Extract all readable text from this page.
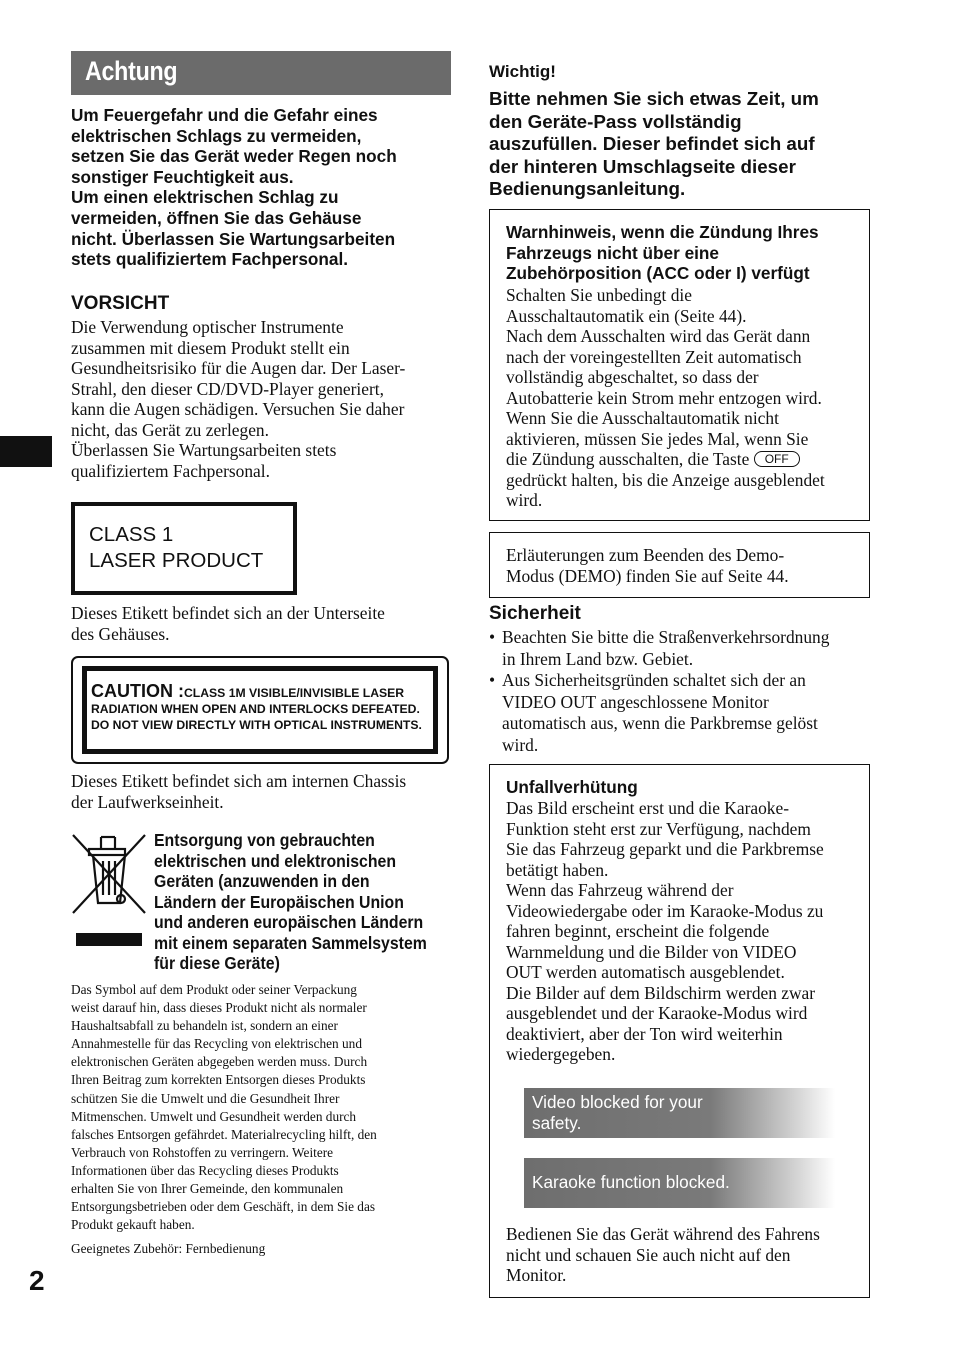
Achtung

Um Feuergefahr und die Gefahr eines

elektrischen Schlags zu vermeiden,

setzen Sie das Gerät weder Regen noch

sonstiger Feuchtigkeit aus.

Um einen elektrischen Schlag zu

vermeiden, öffnen Sie das Gehäuse

nicht. Überlassen Sie Wartungsarbeiten

stets qualifiziertem Fachpersonal.

VORSICHT

Die Verwendung optischer Instrumente

zusammen mit diesem Produkt stellt ein

Gesundheitsrisiko für die Augen dar. Der Laser-

Strahl, den dieser CD/DVD-Player generiert,

kann die Augen schädigen. Versuchen Sie daher

nicht, das Gerät zu zerlegen.

Überlassen Sie Wartungsarbeiten stets

qualifiziertem Fachpersonal.

CLASS 1

LASER PRODUCT

Dieses Etikett befindet sich an der Unterseite

des Gehäuses.

CAUTION :CLASS 1M VISIBLE/INVISIBLE LASER

RADIATION WHEN OPEN AND INTERLOCKS DEFEATED.

DO NOT VIEW DIRECTLY WITH OPTICAL INSTRUMENTS.

Dieses Etikett befindet sich am internen Chassis

der Laufwerkseinheit.

Entsorgung von gebrauchten

elektrischen und elektronischen

Geräten (anzuwenden in den

Ländern der Europäischen Union

und anderen europäischen Ländern

mit einem separaten Sammelsystem

für diese Geräte)

Das Symbol auf dem Produkt oder seiner Verpackung

weist darauf hin, dass dieses Produkt nicht als normaler

Haushaltsabfall zu behandeln ist, sondern an einer

Annahmestelle für das Recycling von elektrischen und

elektronischen Geräten abgegeben werden muss. Durch

Ihren Beitrag zum korrekten Entsorgen dieses Produkts

schützen Sie die Umwelt und die Gesundheit Ihrer

Mitmenschen. Umwelt und Gesundheit werden durch

falsches Entsorgen gefährdet. Materialrecycling hilft, den

Verbrauch von Rohstoffen zu verringern. Weitere

Informationen über das Recycling dieses Produkts

erhalten Sie von Ihrer Gemeinde, den kommunalen

Entsorgungsbetrieben oder dem Geschäft, in dem Sie das

Produkt gekauft haben.

Geeignetes Zubehör: Fernbedienung
2
Wichtig!

Bitte nehmen Sie sich etwas Zeit, um

den Geräte-Pass vollständig

auszufüllen. Dieser befindet sich auf

der hinteren Umschlagseite dieser

Bedienungsanleitung.

Warnhinweis, wenn die Zündung Ihres

Fahrzeugs nicht über eine

Zubehörposition (ACC oder I) verfügt

Schalten Sie unbedingt die

Ausschaltautomatik ein (Seite 44).

Nach dem Ausschalten wird das Gerät dann

nach der voreingestellten Zeit automatisch

vollständig abgeschaltet, so dass der

Autobatterie kein Strom mehr entzogen wird.

Wenn Sie die Ausschaltautomatik nicht

aktivieren, müssen Sie jedes Mal, wenn Sie

die Zündung ausschalten, die Taste OFF

gedrückt halten, bis die Anzeige ausgeblendet

wird.

Erläuterungen zum Beenden des Demo-

Modus (DEMO) finden Sie auf Seite 44.

Sicherheit
• Beachten Sie bitte die Straßenverkehrsordnung

in Ihrem Land bzw. Gebiet.

• Aus Sicherheitsgründen schaltet sich der an

VIDEO OUT angeschlossene Monitor

automatisch aus, wenn die Parkbremse gelöst

wird.

Unfallverhütung

Das Bild erscheint erst und die Karaoke-

Funktion steht erst zur Verfügung, nachdem

Sie das Fahrzeug geparkt und die Parkbremse

betätigt haben.

Wenn das Fahrzeug während der

Videowiedergabe oder im Karaoke-Modus zu

fahren beginnt, erscheint die folgende

Warnmeldung und die Bilder von VIDEO

OUT werden automatisch ausgeblendet.

Die Bilder auf dem Bildschirm werden zwar

ausgeblendet und der Karaoke-Modus wird

deaktiviert, aber der Ton wird weiterhin

wiedergegeben.

Video blocked for your

safety.

Karaoke function blocked.

Bedienen Sie das Gerät während des Fahrens

nicht und schauen Sie auch nicht auf den

Monitor.
